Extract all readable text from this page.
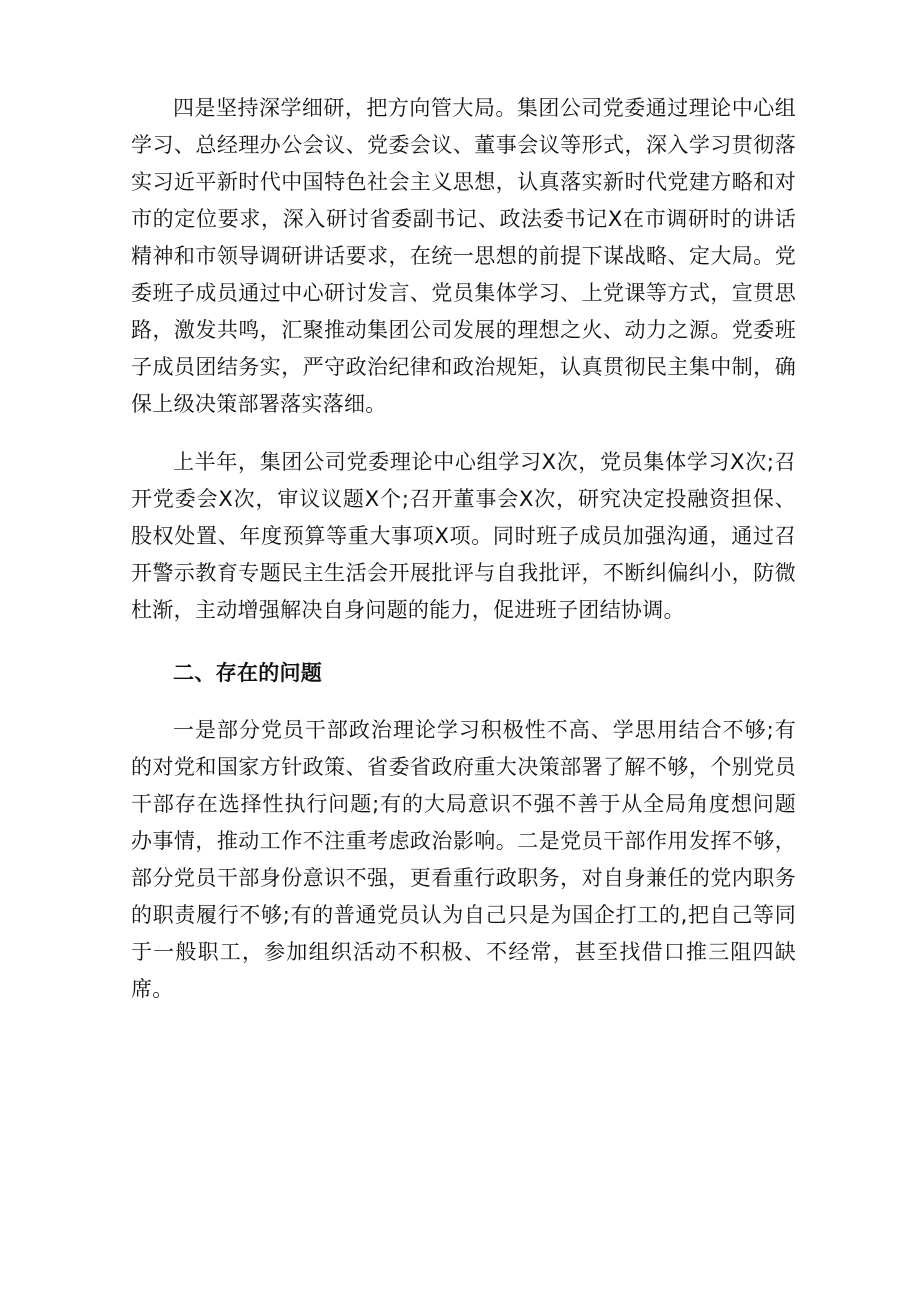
四是坚持深学细研，把方向管大局。集团公司党委通过理论中心组学习、总经理办公会议、党委会议、董事会议等形式，深入学习贯彻落实习近平新时代中国特色社会主义思想，认真落实新时代党建方略和对市的定位要求，深入研讨省委副书记、政法委书记X在市调研时的讲话精神和市领导调研讲话要求，在统一思想的前提下谋战略、定大局。党委班子成员通过中心研讨发言、党员集体学习、上党课等方式，宣贯思路，激发共鸣，汇聚推动集团公司发展的理想之火、动力之源。党委班子成员团结务实，严守政治纪律和政治规矩，认真贯彻民主集中制，确保上级决策部署落实落细。

上半年，集团公司党委理论中心组学习X次，党员集体学习X次;召开党委会X次，审议议题X个;召开董事会X次，研究决定投融资担保、股权处置、年度预算等重大事项X项。同时班子成员加强沟通，通过召开警示教育专题民主生活会开展批评与自我批评，不断纠偏纠小，防微杜渐，主动增强解决自身问题的能力，促进班子团结协调。

二、存在的问题

一是部分党员干部政治理论学习积极性不高、学思用结合不够;有的对党和国家方针政策、省委省政府重大决策部署了解不够，个别党员干部存在选择性执行问题;有的大局意识不强不善于从全局角度想问题办事情，推动工作不注重考虑政治影响。二是党员干部作用发挥不够，部分党员干部身份意识不强，更看重行政职务，对自身兼任的党内职务的职责履行不够;有的普通党员认为自己只是为国企打工的,把自己等同于一般职工，参加组织活动不积极、不经常，甚至找借口推三阻四缺席。
